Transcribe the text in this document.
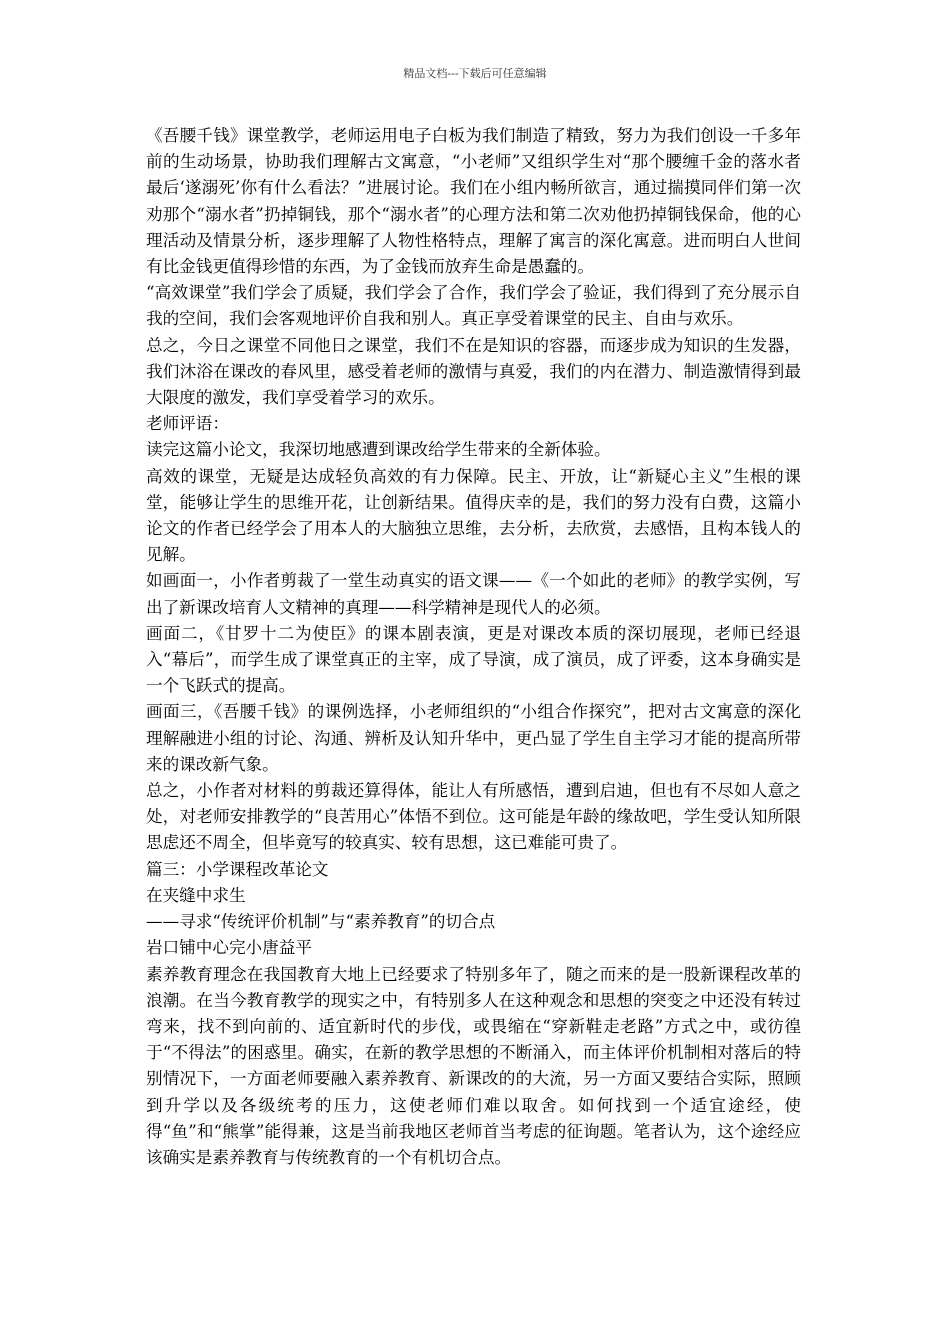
精品文档---下载后可任意编辑

《吾腰千钱》课堂教学，老师运用电子白板为我们制造了精致，努力为我们创设一千多年前的生动场景，协助我们理解古文寓意，“小老师”又组织学生对“那个腰缠千金的落水者最后‘遂溺死’你有什么看法？”进展讨论。我们在小组内畅所欲言，通过揣摸同伴们第一次劝那个“溺水者”扔掉铜钱，那个“溺水者”的心理方法和第二次劝他扔掉铜钱保命，他的心理活动及情景分析，逐步理解了人物性格特点，理解了寓言的深化寓意。进而明白人世间有比金钱更值得珍惜的东西，为了金钱而放弃生命是愚蠢的。

“高效课堂”我们学会了质疑，我们学会了合作，我们学会了验证，我们得到了充分展示自我的空间，我们会客观地评价自我和别人。真正享受着课堂的民主、自由与欢乐。

总之，今日之课堂不同他日之课堂，我们不在是知识的容器，而逐步成为知识的生发器，我们沐浴在课改的春风里，感受着老师的激情与真爱，我们的内在潜力、制造激情得到最大限度的激发，我们享受着学习的欢乐。

老师评语：

读完这篇小论文，我深切地感遭到课改给学生带来的全新体验。

高效的课堂，无疑是达成轻负高效的有力保障。民主、开放，让“新疑心主义”生根的课堂，能够让学生的思维开花，让创新结果。值得庆幸的是，我们的努力没有白费，这篇小论文的作者已经学会了用本人的大脑独立思维，去分析，去欣赏，去感悟，且构本钱人的见解。

如画面一，小作者剪裁了一堂生动真实的语文课——《一个如此的老师》的教学实例，写出了新课改培育人文精神的真理——科学精神是现代人的必须。

画面二，《甘罗十二为使臣》的课本剧表演，更是对课改本质的深切展现，老师已经退入“幕后”，而学生成了课堂真正的主宰，成了导演，成了演员，成了评委，这本身确实是一个飞跃式的提高。

画面三，《吾腰千钱》的课例选择，小老师组织的“小组合作探究”，把对古文寓意的深化理解融进小组的讨论、沟通、辨析及认知升华中，更凸显了学生自主学习才能的提高所带来的课改新气象。

总之，小作者对材料的剪裁还算得体，能让人有所感悟，遭到启迪，但也有不尽如人意之处，对老师安排教学的“良苦用心”体悟不到位。这可能是年龄的缘故吧，学生受认知所限思虑还不周全，但毕竟写的较真实、较有思想，这已难能可贵了。

篇三：小学课程改革论文

在夹缝中求生

——寻求“传统评价机制”与“素养教育”的切合点

岩口铺中心完小唐益平

素养教育理念在我国教育大地上已经要求了特别多年了，随之而来的是一股新课程改革的浪潮。在当今教育教学的现实之中，有特别多人在这种观念和思想的突变之中还没有转过弯来，找不到向前的、适宜新时代的步伐，或畏缩在“穿新鞋走老路”方式之中，或彷徨于“不得法”的困惑里。确实，在新的教学思想的不断涌入，而主体评价机制相对落后的特别情况下，一方面老师要融入素养教育、新课改的的大流，另一方面又要结合实际，照顾到升学以及各级统考的压力，这使老师们难以取舍。如何找到一个适宜途经，使得“鱼”和“熊掌”能得兼，这是当前我地区老师首当考虑的征询题。笔者认为，这个途经应该确实是素养教育与传统教育的一个有机切合点。
